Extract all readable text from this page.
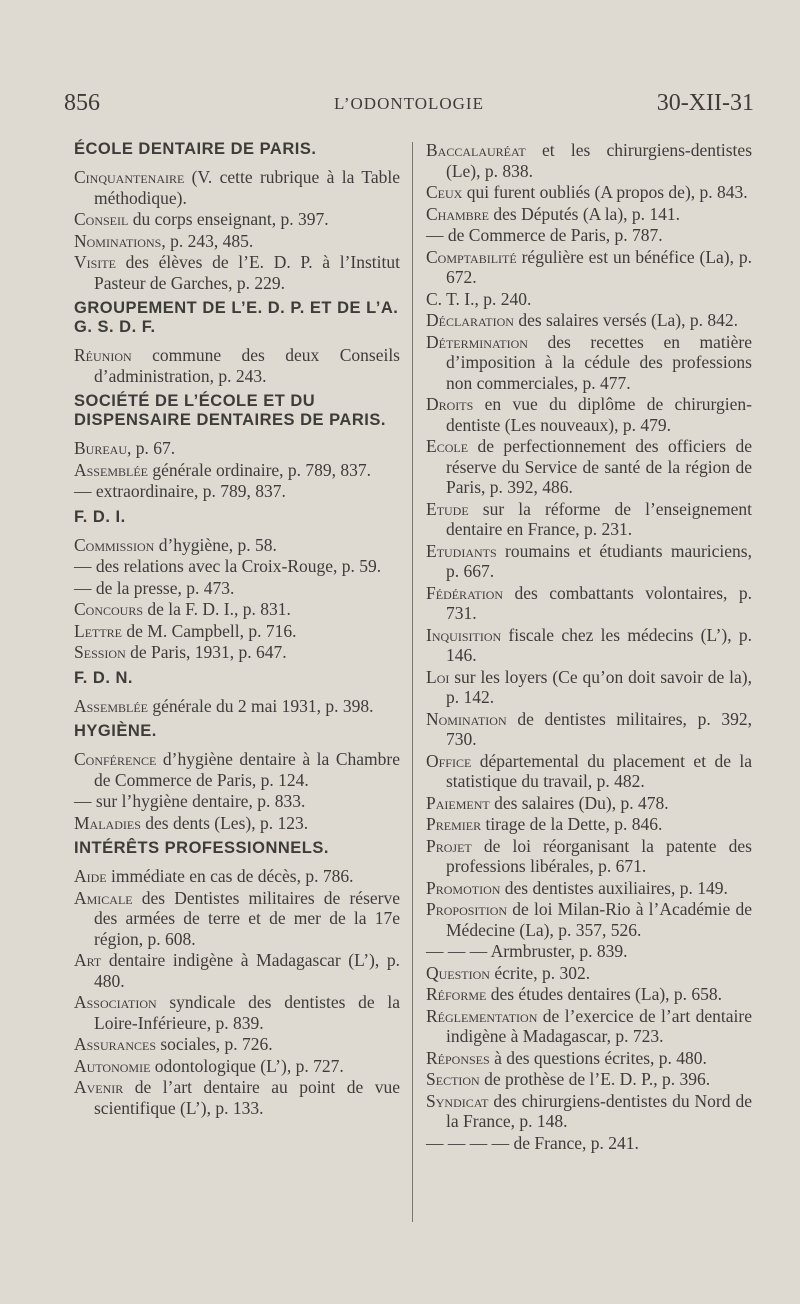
856	L’ODONTOLOGIE	30-XII-31
ÉCOLE DENTAIRE DE PARIS.
Cinquantenaire (V. cette rubrique à la Table méthodique).
Conseil du corps enseignant, p. 397.
Nominations, p. 243, 485.
Visite des élèves de l’E. D. P. à l’Institut Pasteur de Garches, p. 229.
GROUPEMENT DE L’E. D. P. ET DE L’A. G. S. D. F.
Réunion commune des deux Conseils d’administration, p. 243.
SOCIÉTÉ DE L’ÉCOLE ET DU DISPENSAIRE DENTAIRES DE PARIS.
Bureau, p. 67.
Assemblée générale ordinaire, p. 789, 837.
— extraordinaire, p. 789, 837.
F. D. I.
Commission d’hygiène, p. 58.
— des relations avec la Croix-Rouge, p. 59.
— de la presse, p. 473.
Concours de la F. D. I., p. 831.
Lettre de M. Campbell, p. 716.
Session de Paris, 1931, p. 647.
F. D. N.
Assemblée générale du 2 mai 1931, p. 398.
HYGIÈNE.
Conférence d’hygiène dentaire à la Chambre de Commerce de Paris, p. 124.
— sur l’hygiène dentaire, p. 833.
Maladies des dents (Les), p. 123.
INTÉRÊTS PROFESSIONNELS.
Aide immédiate en cas de décès, p. 786.
Amicale des Dentistes militaires de réserve des armées de terre et de mer de la 17e région, p. 608.
Art dentaire indigène à Madagascar (L’), p. 480.
Association syndicale des dentistes de la Loire-Inférieure, p. 839.
Assurances sociales, p. 726.
Autonomie odontologique (L’), p. 727.
Avenir de l’art dentaire au point de vue scientifique (L’), p. 133.
Baccalauréat et les chirurgiens-dentistes (Le), p. 838.
Ceux qui furent oubliés (A propos de), p. 843.
Chambre des Députés (A la), p. 141.
— de Commerce de Paris, p. 787.
Comptabilité régulière est un bénéfice (La), p. 672.
C. T. I., p. 240.
Déclaration des salaires versés (La), p. 842.
Détermination des recettes en matière d’imposition à la cédule des professions non commerciales, p. 477.
Droits en vue du diplôme de chirurgien-dentiste (Les nouveaux), p. 479.
Ecole de perfectionnement des officiers de réserve du Service de santé de la région de Paris, p. 392, 486.
Etude sur la réforme de l’enseignement dentaire en France, p. 231.
Etudiants roumains et étudiants mauriciens, p. 667.
Fédération des combattants volontaires, p. 731.
Inquisition fiscale chez les médecins (L’), p. 146.
Loi sur les loyers (Ce qu’on doit savoir de la), p. 142.
Nomination de dentistes militaires, p. 392, 730.
Office départemental du placement et de la statistique du travail, p. 482.
Paiement des salaires (Du), p. 478.
Premier tirage de la Dette, p. 846.
Projet de loi réorganisant la patente des professions libérales, p. 671.
Promotion des dentistes auxiliaires, p. 149.
Proposition de loi Milan-Rio à l’Académie de Médecine (La), p. 357, 526.
— — — Armbruster, p. 839.
Question écrite, p. 302.
Réforme des études dentaires (La), p. 658.
Réglementation de l’exercice de l’art dentaire indigène à Madagascar, p. 723.
Réponses à des questions écrites, p. 480.
Section de prothèse de l’E. D. P., p. 396.
Syndicat des chirurgiens-dentistes du Nord de la France, p. 148.
— — — — de France, p. 241.
